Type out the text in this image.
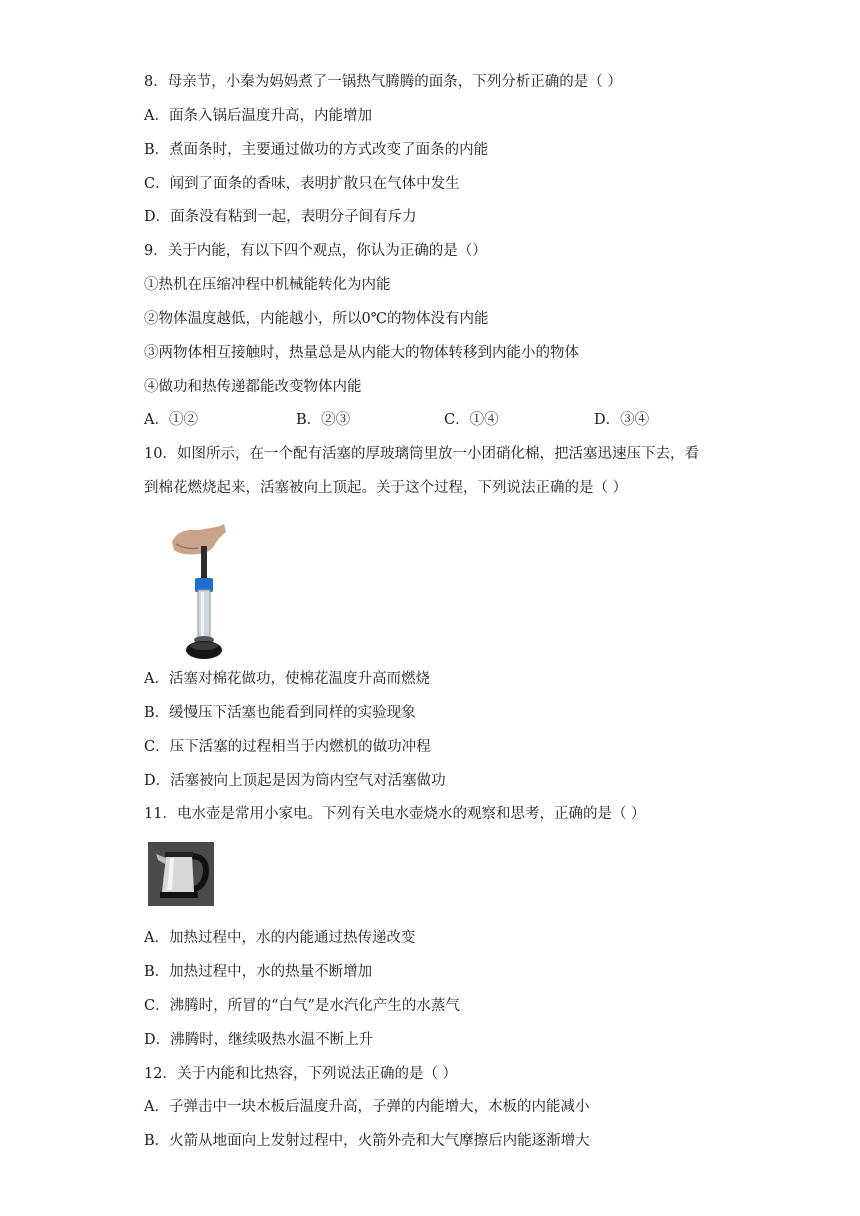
8．母亲节，小秦为妈妈煮了一锅热气腾腾的面条，下列分析正确的是（ ）
A．面条入锅后温度升高，内能增加
B．煮面条时，主要通过做功的方式改变了面条的内能
C．闻到了面条的香味，表明扩散只在气体中发生
D．面条没有粘到一起，表明分子间有斥力
9．关于内能，有以下四个观点，你认为正确的是（）
①热机在压缩冲程中机械能转化为内能
②物体温度越低，内能越小，所以0℃的物体没有内能
③两物体相互接触时，热量总是从内能大的物体转移到内能小的物体
④做功和热传递都能改变物体内能
A．①②	B．②③	C．①④	D．③④
10．如图所示，在一个配有活塞的厚玻璃筒里放一小团硝化棉，把活塞迅速压下去，看
到棉花燃烧起来，活塞被向上顶起。关于这个过程，下列说法正确的是（ ）
A．活塞对棉花做功，使棉花温度升高而燃烧
B．缓慢压下活塞也能看到同样的实验现象
C．压下活塞的过程相当于内燃机的做功冲程
D．活塞被向上顶起是因为筒内空气对活塞做功
11．电水壶是常用小家电。下列有关电水壶烧水的观察和思考，正确的是（ ）
A．加热过程中，水的内能通过热传递改变
B．加热过程中，水的热量不断增加
C．沸腾时，所冒的“白气”是水汽化产生的水蒸气
D．沸腾时，继续吸热水温不断上升
12．关于内能和比热容，下列说法正确的是（ ）
A．子弹击中一块木板后温度升高，子弹的内能增大，木板的内能减小
B．火箭从地面向上发射过程中，火箭外壳和大气摩擦后内能逐渐增大
